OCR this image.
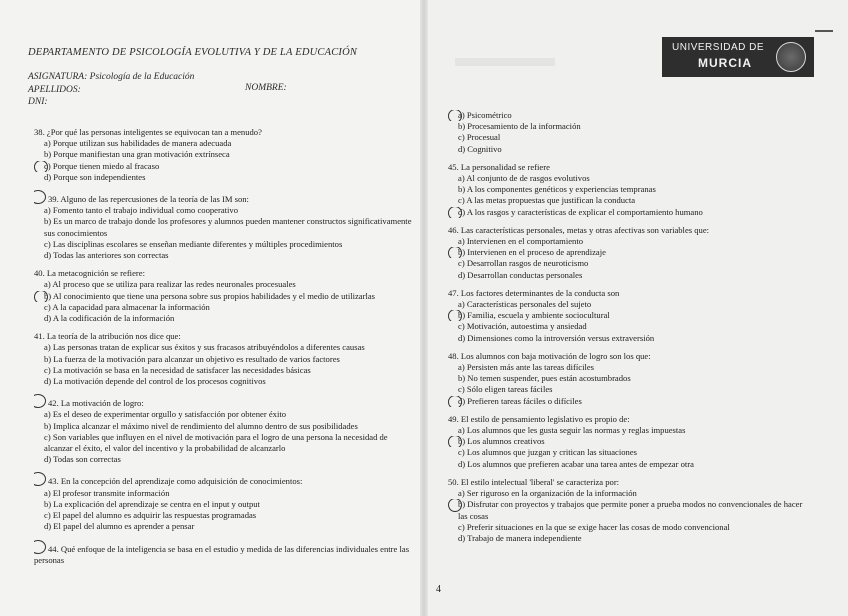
DEPARTAMENTO DE PSICOLOGÍA EVOLUTIVA Y DE LA EDUCACIÓN
ASIGNATURA: Psicología de la Educación
APELLIDOS:
DNI:
NOMBRE:
UNIVERSIDAD DE
MURCIA
38. ¿Por qué las personas inteligentes se equivocan tan a menudo?
a) Porque utilizan sus habilidades de manera adecuada
b) Porque manifiestan una gran motivación extrínseca
c) Porque tienen miedo al fracaso
d) Porque son independientes
39. Alguno de las repercusiones de la teoría de las IM son:
a) Fomento tanto el trabajo individual como cooperativo
b) Es un marco de trabajo donde los profesores y alumnos pueden mantener constructos significativamente sus conocimientos
c) Las disciplinas escolares se enseñan mediante diferentes y múltiples procedimientos
d) Todas las anteriores son correctas
40. La metacognición se refiere:
a) Al proceso que se utiliza para realizar las redes neuronales procesuales
b) Al conocimiento que tiene una persona sobre sus propios habilidades y el medio de utilizarlas
c) A la capacidad para almacenar la información
d) A la codificación de la información
41. La teoría de la atribución nos dice que:
a) Las personas tratan de explicar sus éxitos y sus fracasos atribuyéndolos a diferentes causas
b) La fuerza de la motivación para alcanzar un objetivo es resultado de varios factores
c) La motivación se basa en la necesidad de satisfacer las necesidades básicas
d) La motivación depende del control de los procesos cognitivos
42. La motivación de logro:
a) Es el deseo de experimentar orgullo y satisfacción por obtener éxito
b) Implica alcanzar el máximo nivel de rendimiento del alumno dentro de sus posibilidades
c) Son variables que influyen en el nivel de motivación para el logro de una persona la necesidad de alcanzar el éxito, el valor del incentivo y la probabilidad de alcanzarlo
d) Todas son correctas
43. En la concepción del aprendizaje como adquisición de conocimientos:
a) El profesor transmite información
b) La explicación del aprendizaje se centra en el input y output
c) El papel del alumno es adquirir las respuestas programadas
d) El papel del alumno es aprender a pensar
44. Qué enfoque de la inteligencia se basa en el estudio y medida de las diferencias individuales entre las personas
a) Psicométrico
b) Procesamiento de la información
c) Procesual
d) Cognitivo
45. La personalidad se refiere
a) Al conjunto de de rasgos evolutivos
b) A los componentes genéticos y experiencias tempranas
c) A las metas propuestas que justifican la conducta
d) A los rasgos y características de explicar el comportamiento humano
46. Las características personales, metas y otras afectivas son variables que:
a) Intervienen en el comportamiento
b) Intervienen en el proceso de aprendizaje
c) Desarrollan rasgos de neuroticismo
d) Desarrollan conductas personales
47. Los factores determinantes de la conducta son
a) Características personales del sujeto
b) Familia, escuela y ambiente sociocultural
c) Motivación, autoestima y ansiedad
d) Dimensiones como la introversión versus extraversión
48. Los alumnos con baja motivación de logro son los que:
a) Persisten más ante las tareas difíciles
b) No temen suspender, pues están acostumbrados
c) Sólo eligen tareas fáciles
d) Prefieren tareas fáciles o difíciles
49. El estilo de pensamiento legislativo es propio de:
a) Los alumnos que les gusta seguir las normas y reglas impuestas
b) Los alumnos creativos
c) Los alumnos que juzgan y critican las situaciones
d) Los alumnos que prefieren acabar una tarea antes de empezar otra
50. El estilo intelectual 'liberal' se caracteriza por:
a) Ser riguroso en la organización de la información
b) Disfrutar con proyectos y trabajos que permite poner a prueba modos no convencionales de hacer las cosas
c) Preferir situaciones en la que se exige hacer las cosas de modo convencional
d) Trabajo de manera independiente
4
